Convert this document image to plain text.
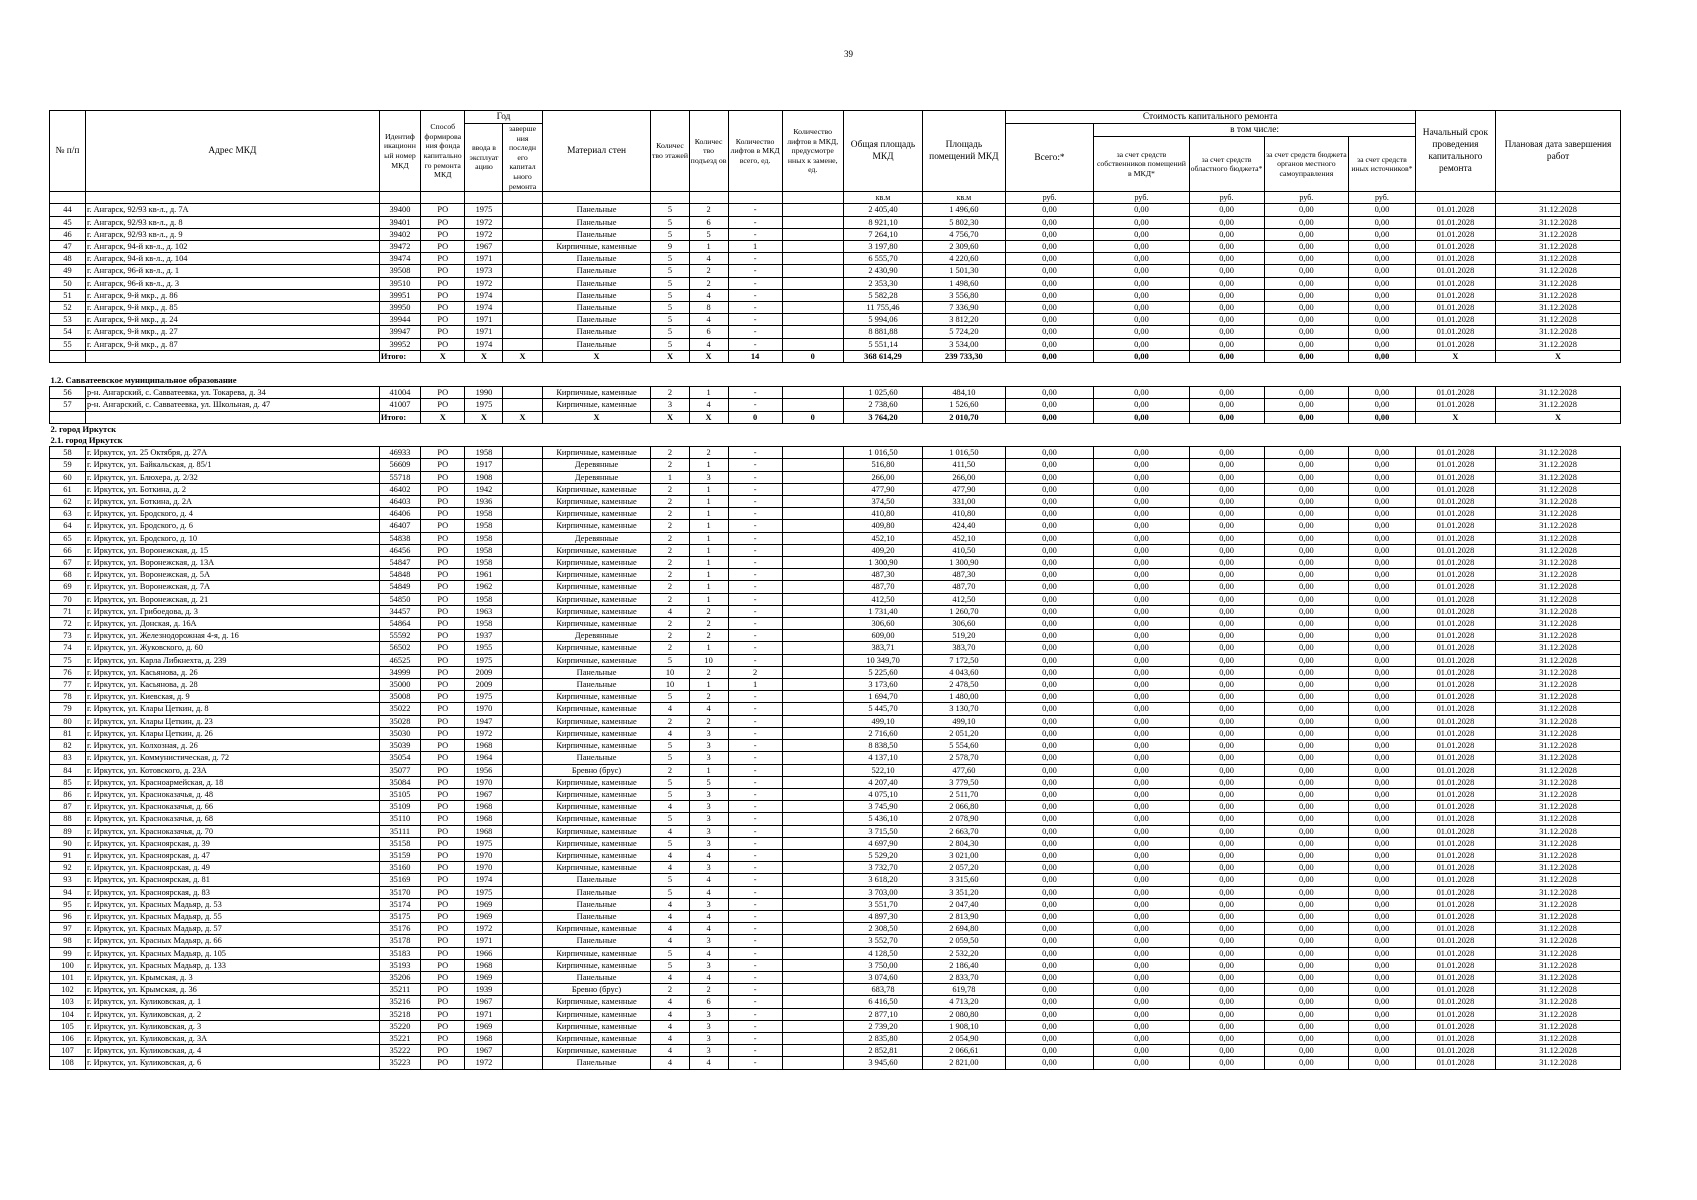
39
№ п/п	Адрес МКД	Идентиф икационн ый номер МКД	Способ формирова ния фонда капитально го ремонта МКД	Год		Материал стен	Количес тво этажей	Количес тво подъезд ов	Количество лифтов в МКД всего, ед.	Количество лифтов в МКД, предусмотре нных к замене, ед.	Общая площадь МКД	Площадь помещений МКД	Стоимость капитального ремонта					Начальный срок проведения капитального ремонта	Плановая дата завершения работ
				ввода в эксплуат ацию	заверше ния последн его капитал ьного ремонта								Всего:*	в том числе:					
														за счет средств собственников помещений в МКД*	за счет средств областного бюджета*	за счет средств бюджета органов местного самоуправления	за счет средств иных источников*		
											кв.м	кв.м	руб.	руб.	руб.	руб.	руб.		
44	г. Ангарск, 92/93 кв-л., д. 7А	39400	РО	1975		Панельные	5	2	-		2 405,40	1 496,60	0,00	0,00	0,00	0,00	0,00	01.01.2028	31.12.2028
45	г. Ангарск, 92/93 кв-л., д. 8	39401	РО	1972		Панельные	5	6	-		8 921,10	5 802,30	0,00	0,00	0,00	0,00	0,00	01.01.2028	31.12.2028
46	г. Ангарск, 92/93 кв-л., д. 9	39402	РО	1972		Панельные	5	5	-		7 264,10	4 756,70	0,00	0,00	0,00	0,00	0,00	01.01.2028	31.12.2028
47	г. Ангарск, 94-й кв-л., д. 102	39472	РО	1967		Кирпичные, каменные	9	1	1		3 197,80	2 309,60	0,00	0,00	0,00	0,00	0,00	01.01.2028	31.12.2028
48	г. Ангарск, 94-й кв-л., д. 104	39474	РО	1971		Панельные	5	4	-		6 555,70	4 220,60	0,00	0,00	0,00	0,00	0,00	01.01.2028	31.12.2028
49	г. Ангарск, 96-й кв-л., д. 1	39508	РО	1973		Панельные	5	2	-		2 430,90	1 501,30	0,00	0,00	0,00	0,00	0,00	01.01.2028	31.12.2028
50	г. Ангарск, 96-й кв-л., д. 3	39510	РО	1972		Панельные	5	2	-		2 353,30	1 498,60	0,00	0,00	0,00	0,00	0,00	01.01.2028	31.12.2028
51	г. Ангарск, 9-й мкр., д. 86	39951	РО	1974		Панельные	5	4	-		5 582,28	3 556,80	0,00	0,00	0,00	0,00	0,00	01.01.2028	31.12.2028
52	г. Ангарск, 9-й мкр., д. 85	39950	РО	1974		Панельные	5	8	-		11 755,46	7 336,90	0,00	0,00	0,00	0,00	0,00	01.01.2028	31.12.2028
53	г. Ангарск, 9-й мкр., д. 24	39944	РО	1971		Панельные	5	4	-		5 994,06	3 812,20	0,00	0,00	0,00	0,00	0,00	01.01.2028	31.12.2028
54	г. Ангарск, 9-й мкр., д. 27	39947	РО	1971		Панельные	5	6	-		8 881,88	5 724,20	0,00	0,00	0,00	0,00	0,00	01.01.2028	31.12.2028
55	г. Ангарск, 9-й мкр., д. 87	39952	РО	1974		Панельные	5	4	-		5 551,14	3 534,00	0,00	0,00	0,00	0,00	0,00	01.01.2028	31.12.2028
		Итого:	X	X	X	X	X	X	14	0	368 614,29	239 733,30	0,00	0,00	0,00	0,00	0,00	X	X

1.2. Савватеевское муниципальное образование																			
56	р-н. Ангарский, с. Савватеевка, ул. Токарева, д. 34	41004	РО	1990		Кирпичные, каменные	2	1	-		1 025,60	484,10	0,00	0,00	0,00	0,00	0,00	01.01.2028	31.12.2028
57	р-н. Ангарский, с. Савватеевка, ул. Школьная, д. 47	41007	РО	1975		Кирпичные, каменные	3	4	-		2 738,60	1 526,60	0,00	0,00	0,00	0,00	0,00	01.01.2028	31.12.2028
		Итого:	X	X	X	X	X	X	0	0	3 764,20	2 010,70	0,00	0,00	0,00	0,00	0,00	X	X
2. город Иркутск																			
2.1. город Иркутск																			
58	г. Иркутск, ул. 25 Октября, д. 27А	46933	РО	1958		Кирпичные, каменные	2	2	-		1 016,50	1 016,50	0,00	0,00	0,00	0,00	0,00	01.01.2028	31.12.2028
59	г. Иркутск, ул. Байкальская, д. 85/1	56609	РО	1917		Деревянные	2	1	-		516,80	411,50	0,00	0,00	0,00	0,00	0,00	01.01.2028	31.12.2028
60	г. Иркутск, ул. Блюхера, д. 2/32	55718	РО	1908		Деревянные	1	3	-		266,00	266,00	0,00	0,00	0,00	0,00	0,00	01.01.2028	31.12.2028
61	г. Иркутск, ул. Боткина, д. 2	46402	РО	1942		Кирпичные, каменные	2	1	-		477,90	477,90	0,00	0,00	0,00	0,00	0,00	01.01.2028	31.12.2028
62	г. Иркутск, ул. Боткина, д. 2А	46403	РО	1936		Кирпичные, каменные	2	1	-		374,50	331,00	0,00	0,00	0,00	0,00	0,00	01.01.2028	31.12.2028
63	г. Иркутск, ул. Бродского, д. 4	46406	РО	1958		Кирпичные, каменные	2	1	-		410,80	410,80	0,00	0,00	0,00	0,00	0,00	01.01.2028	31.12.2028
64	г. Иркутск, ул. Бродского, д. 6	46407	РО	1958		Кирпичные, каменные	2	1	-		409,80	424,40	0,00	0,00	0,00	0,00	0,00	01.01.2028	31.12.2028
65	г. Иркутск, ул. Бродского, д. 10	54838	РО	1958		Деревянные	2	1	-		452,10	452,10	0,00	0,00	0,00	0,00	0,00	01.01.2028	31.12.2028
66	г. Иркутск, ул. Воронежская, д. 15	46456	РО	1958		Кирпичные, каменные	2	1	-		409,20	410,50	0,00	0,00	0,00	0,00	0,00	01.01.2028	31.12.2028
67	г. Иркутск, ул. Воронежская, д. 13А	54847	РО	1958		Кирпичные, каменные	2	1	-		1 300,90	1 300,90	0,00	0,00	0,00	0,00	0,00	01.01.2028	31.12.2028
68	г. Иркутск, ул. Воронежская, д. 5А	54848	РО	1961		Кирпичные, каменные	2	1	-		487,30	487,30	0,00	0,00	0,00	0,00	0,00	01.01.2028	31.12.2028
69	г. Иркутск, ул. Воронежская, д. 7А	54849	РО	1962		Кирпичные, каменные	2	1	-		487,70	487,70	0,00	0,00	0,00	0,00	0,00	01.01.2028	31.12.2028
70	г. Иркутск, ул. Воронежская, д. 21	54850	РО	1958		Кирпичные, каменные	2	1	-		412,50	412,50	0,00	0,00	0,00	0,00	0,00	01.01.2028	31.12.2028
71	г. Иркутск, ул. Грибоедова, д. 3	34457	РО	1963		Кирпичные, каменные	4	2	-		1 731,40	1 260,70	0,00	0,00	0,00	0,00	0,00	01.01.2028	31.12.2028
72	г. Иркутск, ул. Донская, д. 16А	54864	РО	1958		Кирпичные, каменные	2	2	-		306,60	306,60	0,00	0,00	0,00	0,00	0,00	01.01.2028	31.12.2028
73	г. Иркутск, ул. Железнодорожная 4-я, д. 16	55592	РО	1937		Деревянные	2	2	-		609,00	519,20	0,00	0,00	0,00	0,00	0,00	01.01.2028	31.12.2028
74	г. Иркутск, ул. Жуковского, д. 60	56502	РО	1955		Кирпичные, каменные	2	1	-		383,71	383,70	0,00	0,00	0,00	0,00	0,00	01.01.2028	31.12.2028
75	г. Иркутск, ул. Карла Либкнехта, д. 239	46525	РО	1975		Кирпичные, каменные	5	10	-		10 349,70	7 172,50	0,00	0,00	0,00	0,00	0,00	01.01.2028	31.12.2028
76	г. Иркутск, ул. Касьянова, д. 26	34999	РО	2009		Панельные	10	2	2		5 225,60	4 043,60	0,00	0,00	0,00	0,00	0,00	01.01.2028	31.12.2028
77	г. Иркутск, ул. Касьянова, д. 28	35000	РО	2009		Панельные	10	1	1		3 173,60	2 478,50	0,00	0,00	0,00	0,00	0,00	01.01.2028	31.12.2028
78	г. Иркутск, ул. Киевская, д. 9	35008	РО	1975		Кирпичные, каменные	5	2	-		1 694,70	1 480,00	0,00	0,00	0,00	0,00	0,00	01.01.2028	31.12.2028
79	г. Иркутск, ул. Клары Цеткин, д. 8	35022	РО	1970		Кирпичные, каменные	4	4	-		5 445,70	3 130,70	0,00	0,00	0,00	0,00	0,00	01.01.2028	31.12.2028
80	г. Иркутск, ул. Клары Цеткин, д. 23	35028	РО	1947		Кирпичные, каменные	2	2	-		499,10	499,10	0,00	0,00	0,00	0,00	0,00	01.01.2028	31.12.2028
81	г. Иркутск, ул. Клары Цеткин, д. 26	35030	РО	1972		Кирпичные, каменные	4	3	-		2 716,60	2 051,20	0,00	0,00	0,00	0,00	0,00	01.01.2028	31.12.2028
82	г. Иркутск, ул. Колхозная, д. 26	35039	РО	1968		Кирпичные, каменные	5	3	-		8 838,50	5 554,60	0,00	0,00	0,00	0,00	0,00	01.01.2028	31.12.2028
83	г. Иркутск, ул. Коммунистическая, д. 72	35054	РО	1964		Панельные	5	3	-		4 137,10	2 578,70	0,00	0,00	0,00	0,00	0,00	01.01.2028	31.12.2028
84	г. Иркутск, ул. Котовского, д. 23А	35077	РО	1956		Бревно (брус)	2	1	-		522,10	477,60	0,00	0,00	0,00	0,00	0,00	01.01.2028	31.12.2028
85	г. Иркутск, ул. Красноармейская, д. 18	35084	РО	1970		Кирпичные, каменные	5	5	-		4 207,40	3 779,50	0,00	0,00	0,00	0,00	0,00	01.01.2028	31.12.2028
86	г. Иркутск, ул. Красноказачья, д. 48	35105	РО	1967		Кирпичные, каменные	5	3	-		4 075,10	2 511,70	0,00	0,00	0,00	0,00	0,00	01.01.2028	31.12.2028
87	г. Иркутск, ул. Красноказачья, д. 66	35109	РО	1968		Кирпичные, каменные	4	3	-		3 745,90	2 066,80	0,00	0,00	0,00	0,00	0,00	01.01.2028	31.12.2028
88	г. Иркутск, ул. Красноказачья, д. 68	35110	РО	1968		Кирпичные, каменные	5	3	-		5 436,10	2 078,90	0,00	0,00	0,00	0,00	0,00	01.01.2028	31.12.2028
89	г. Иркутск, ул. Красноказачья, д. 70	35111	РО	1968		Кирпичные, каменные	4	3	-		3 715,50	2 663,70	0,00	0,00	0,00	0,00	0,00	01.01.2028	31.12.2028
90	г. Иркутск, ул. Красноярская, д. 39	35158	РО	1975		Кирпичные, каменные	5	3	-		4 697,90	2 804,30	0,00	0,00	0,00	0,00	0,00	01.01.2028	31.12.2028
91	г. Иркутск, ул. Красноярская, д. 47	35159	РО	1970		Кирпичные, каменные	4	4	-		5 529,20	3 021,00	0,00	0,00	0,00	0,00	0,00	01.01.2028	31.12.2028
92	г. Иркутск, ул. Красноярская, д. 49	35160	РО	1970		Кирпичные, каменные	4	3	-		3 732,70	2 057,20	0,00	0,00	0,00	0,00	0,00	01.01.2028	31.12.2028
93	г. Иркутск, ул. Красноярская, д. 81	35169	РО	1974		Панельные	5	4	-		3 618,20	3 315,60	0,00	0,00	0,00	0,00	0,00	01.01.2028	31.12.2028
94	г. Иркутск, ул. Красноярская, д. 83	35170	РО	1975		Панельные	5	4	-		3 703,00	3 351,20	0,00	0,00	0,00	0,00	0,00	01.01.2028	31.12.2028
95	г. Иркутск, ул. Красных Мадьяр, д. 53	35174	РО	1969		Панельные	4	3	-		3 551,70	2 047,40	0,00	0,00	0,00	0,00	0,00	01.01.2028	31.12.2028
96	г. Иркутск, ул. Красных Мадьяр, д. 55	35175	РО	1969		Панельные	4	4	-		4 897,30	2 813,90	0,00	0,00	0,00	0,00	0,00	01.01.2028	31.12.2028
97	г. Иркутск, ул. Красных Мадьяр, д. 57	35176	РО	1972		Кирпичные, каменные	4	4	-		2 308,50	2 694,80	0,00	0,00	0,00	0,00	0,00	01.01.2028	31.12.2028
98	г. Иркутск, ул. Красных Мадьяр, д. 66	35178	РО	1971		Панельные	4	3	-		3 552,70	2 059,50	0,00	0,00	0,00	0,00	0,00	01.01.2028	31.12.2028
99	г. Иркутск, ул. Красных Мадьяр, д. 105	35183	РО	1966		Кирпичные, каменные	5	4	-		4 128,50	2 532,20	0,00	0,00	0,00	0,00	0,00	01.01.2028	31.12.2028
100	г. Иркутск, ул. Красных Мадьяр, д. 133	35193	РО	1968		Кирпичные, каменные	5	3	-		3 750,00	2 186,40	0,00	0,00	0,00	0,00	0,00	01.01.2028	31.12.2028
101	г. Иркутск, ул. Крымская, д. 3	35206	РО	1969		Панельные	4	4	-		3 074,60	2 833,70	0,00	0,00	0,00	0,00	0,00	01.01.2028	31.12.2028
102	г. Иркутск, ул. Крымская, д. 36	35211	РО	1939		Бревно (брус)	2	2	-		683,78	619,78	0,00	0,00	0,00	0,00	0,00	01.01.2028	31.12.2028
103	г. Иркутск, ул. Куликовская, д. 1	35216	РО	1967		Кирпичные, каменные	4	6	-		6 416,50	4 713,20	0,00	0,00	0,00	0,00	0,00	01.01.2028	31.12.2028
104	г. Иркутск, ул. Куликовская, д. 2	35218	РО	1971		Кирпичные, каменные	4	3	-		2 877,10	2 080,80	0,00	0,00	0,00	0,00	0,00	01.01.2028	31.12.2028
105	г. Иркутск, ул. Куликовская, д. 3	35220	РО	1969		Кирпичные, каменные	4	3	-		2 739,20	1 908,10	0,00	0,00	0,00	0,00	0,00	01.01.2028	31.12.2028
106	г. Иркутск, ул. Куликовская, д. 3А	35221	РО	1968		Кирпичные, каменные	4	3	-		2 835,80	2 054,90	0,00	0,00	0,00	0,00	0,00	01.01.2028	31.12.2028
107	г. Иркутск, ул. Куликовская, д. 4	35222	РО	1967		Кирпичные, каменные	4	3	-		2 852,81	2 066,61	0,00	0,00	0,00	0,00	0,00	01.01.2028	31.12.2028
108	г. Иркутск, ул. Куликовская, д. 6	35223	РО	1972		Панельные	4	4	-		3 945,60	2 821,00	0,00	0,00	0,00	0,00	0,00	01.01.2028	31.12.2028
